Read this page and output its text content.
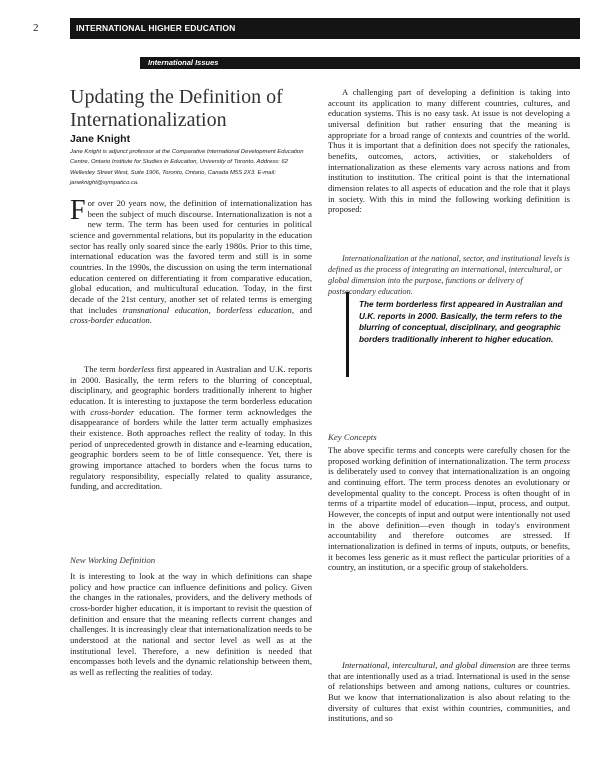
2	INTERNATIONAL HIGHER EDUCATION
International Issues
Updating the Definition of Internationalization
Jane Knight
Jane Knight is adjunct professor at the Comparative International Development Education Centre, Ontario Institute for Studies in Education, University of Toronto. Address: 62 Wellesley Street West, Suite 1906, Toronto, Ontario, Canada M5S 2X3. E-mail: janeknight@sympatico.ca.

For over 20 years now, the definition of internationalization has been the subject of much discourse. Internationalization is not a new term. The term has been used for centuries in political science and governmental relations, but its popularity in the education sector has really only soared since the early 1980s. Prior to this time, international education was the favored term and still is in some countries. In the 1990s, the discussion on using the term international education centered on differentiating it from comparative education, global education, and multicultural education. Today, in the first decade of the 21st century, another set of related terms is emerging that includes transnational education, borderless education, and cross-border education.

The term borderless first appeared in Australian and U.K. reports in 2000. Basically, the term refers to the blurring of conceptual, disciplinary, and geographic borders traditionally inherent to higher education. It is interesting to juxtapose the term borderless education with cross-border education. The former term acknowledges the disappearance of borders while the latter term actually emphasizes their existence. Both approaches reflect the reality of today. In this period of unprecedented growth in distance and e-learning education, geographic borders seem to be of little consequence. Yet, there is growing importance attached to borders when the focus turns to regulatory responsibility, especially related to quality assurance, funding, and accreditation.

New Working Definition

It is interesting to look at the way in which definitions can shape policy and how practice can influence definitions and policy. Given the changes in the rationales, providers, and the delivery methods of cross-border higher education, it is important to revisit the question of definition and ensure that the meaning reflects current changes and challenges. It is increasingly clear that internationalization needs to be understood at the national and sector level as well as at the institutional level. Therefore, a new definition is needed that encompasses both levels and the dynamic relationship between them, as well as reflecting the realities of today.

A challenging part of developing a definition is taking into account its application to many different countries, cultures, and education systems. This is no easy task. At issue is not developing a universal definition but rather ensuring that the meaning is appropriate for a broad range of contexts and countries of the world. Thus it is important that a definition does not specify the rationales, benefits, outcomes, actors, activities, or stakeholders of internationalization as these elements vary across nations and from institution to institution. The critical point is that the international dimension relates to all aspects of education and the role that it plays in society. With this in mind the following working definition is proposed:

Internationalization at the national, sector, and institutional levels is defined as the process of integrating an international, intercultural, or global dimension into the purpose, functions or delivery of postsecondary education.
The term borderless first appeared in Australian and U.K. reports in 2000. Basically, the term refers to the blurring of conceptual, disciplinary, and geographic borders traditionally inherent to higher education.
Key Concepts

The above specific terms and concepts were carefully chosen for the proposed working definition of internationalization. The term process is deliberately used to convey that internationalization is an ongoing and continuing effort. The term process denotes an evolutionary or developmental quality to the concept. Process is often thought of in terms of a tripartite model of education—input, process, and output. However, the concepts of input and output were intentionally not used in the above definition—even though in today's environment accountability and therefore outcomes are stressed. If internationalization is defined in terms of inputs, outputs, or benefits, it becomes less generic as it must reflect the particular priorities of a country, an institution, or a specific group of stakeholders.

International, intercultural, and global dimension are three terms that are intentionally used as a triad. International is used in the sense of relationships between and among nations, cultures or countries. But we know that internationalization is also about relating to the diversity of cultures that exist within countries, communities, and institutions, and so
